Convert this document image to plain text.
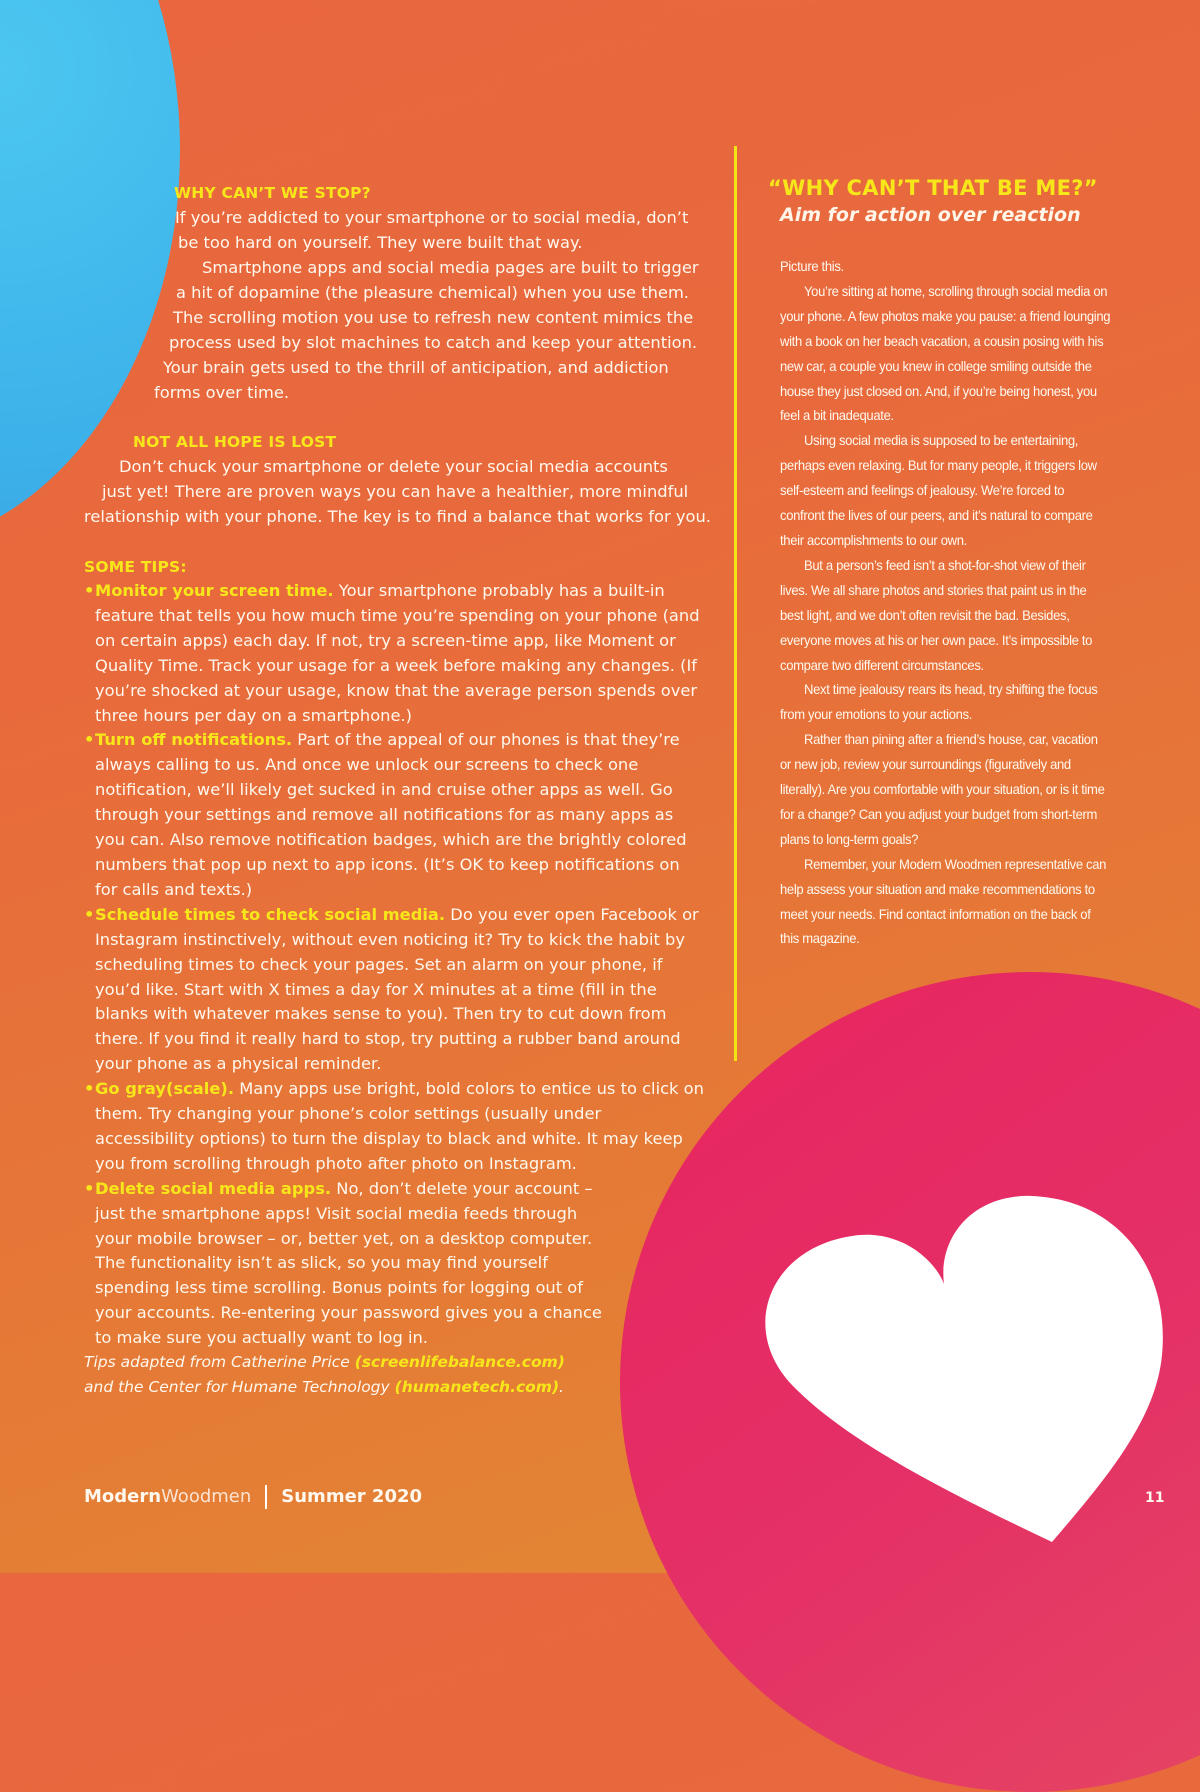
WHY CAN’T WE STOP?

If you’re addicted to your smartphone or to social media, don’t

be too hard on yourself. They were built that way.

Smartphone apps and social media pages are built to trigger

a hit of dopamine (the pleasure chemical) when you use them.

The scrolling motion you use to refresh new content mimics the

process used by slot machines to catch and keep your attention.

Your brain gets used to the thrill of anticipation, and addiction

forms over time.

NOT ALL HOPE IS LOST

Don’t chuck your smartphone or delete your social media accounts

just yet! There are proven ways you can have a healthier, more mindful

relationship with your phone. The key is to find a balance that works for you.

SOME TIPS:
• Monitor your screen time. Your smartphone probably has a built-in feature that tells you how much time you’re spending on your phone (and on certain apps) each day. If not, try a screen-time app, like Moment or Quality Time. Track your usage for a week before making any changes. (If you’re shocked at your usage, know that the average person spends over three hours per day on a smartphone.)
• Turn off notifications. Part of the appeal of our phones is that they’re always calling to us. And once we unlock our screens to check one notification, we’ll likely get sucked in and cruise other apps as well. Go through your settings and remove all notifications for as many apps as you can. Also remove notification badges, which are the brightly colored numbers that pop up next to app icons. (It’s OK to keep notifications on for calls and texts.)
• Schedule times to check social media. Do you ever open Facebook or Instagram instinctively, without even noticing it? Try to kick the habit by scheduling times to check your pages. Set an alarm on your phone, if you’d like. Start with X times a day for X minutes at a time (fill in the blanks with whatever makes sense to you). Then try to cut down from there. If you find it really hard to stop, try putting a rubber band around your phone as a physical reminder.
• Go gray(scale). Many apps use bright, bold colors to entice us to click on them. Try changing your phone’s color settings (usually under accessibility options) to turn the display to black and white. It may keep you from scrolling through photo after photo on Instagram.
• Delete social media apps. No, don’t delete your account – just the smartphone apps! Visit social media feeds through your mobile browser – or, better yet, on a desktop computer. The functionality isn’t as slick, so you may find yourself spending less time scrolling. Bonus points for logging out of your accounts. Re-entering your password gives you a chance to make sure you actually want to log in.

Tips adapted from Catherine Price (screenlifebalance.com)
and the Center for Humane Technology (humanetech.com).

“WHY CAN’T THAT BE ME?”
Aim for action over reaction

Picture this.

You’re sitting at home, scrolling through social media on your phone. A few photos make you pause: a friend lounging with a book on her beach vacation, a cousin posing with his new car, a couple you knew in college smiling outside the house they just closed on. And, if you’re being honest, you feel a bit inadequate.

Using social media is supposed to be entertaining, perhaps even relaxing. But for many people, it triggers low self-esteem and feelings of jealousy. We’re forced to confront the lives of our peers, and it’s natural to compare their accomplishments to our own.

But a person’s feed isn’t a shot-for-shot view of their lives. We all share photos and stories that paint us in the best light, and we don’t often revisit the bad. Besides, everyone moves at his or her own pace. It’s impossible to compare two different circumstances.

Next time jealousy rears its head, try shifting the focus from your emotions to your actions.

Rather than pining after a friend’s house, car, vacation or new job, review your surroundings (figuratively and literally). Are you comfortable with your situation, or is it time for a change? Can you adjust your budget from short-term plans to long-term goals?

Remember, your Modern Woodmen representative can help assess your situation and make recommendations to meet your needs. Find contact information on the back of this magazine.

ModernWoodmen Summer 2020	11
